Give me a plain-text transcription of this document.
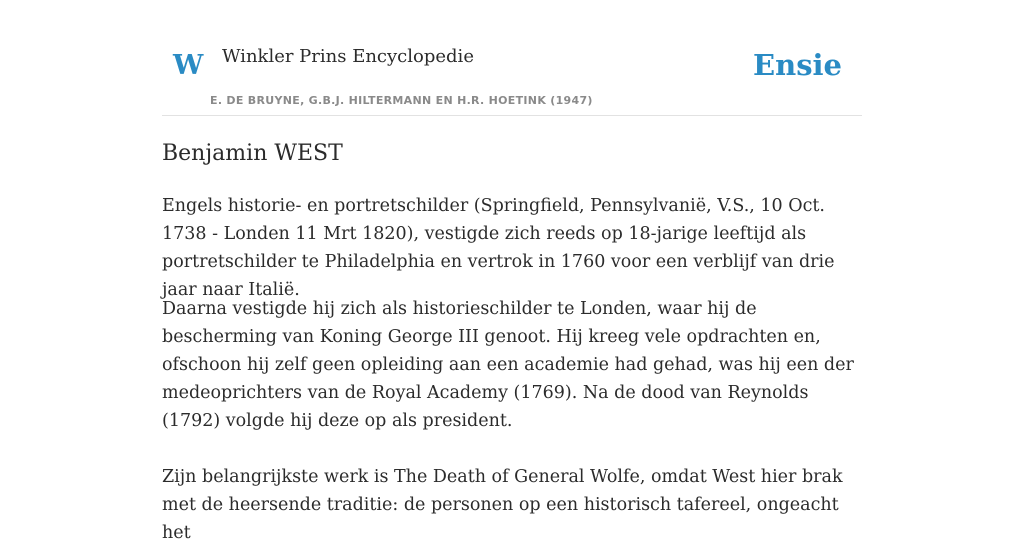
W Winkler Prins Encyclopedie
E. DE BRUYNE, G.B.J. HILTERMANN EN H.R. HOETINK (1947)
Ensie
Benjamin WEST

Engels historie- en portretschilder (Springfield, Pennsylvanië, V.S., 10 Oct. 1738 - Londen 11 Mrt 1820), vestigde zich reeds op 18-jarige leeftijd als portretschilder te Philadelphia en vertrok in 1760 voor een verblijf van drie jaar naar Italië.

Daarna vestigde hij zich als historieschilder te Londen, waar hij de bescherming van Koning George III genoot. Hij kreeg vele opdrachten en, ofschoon hij zelf geen opleiding aan een academie had gehad, was hij een der medeoprichters van de Royal Academy (1769). Na de dood van Reynolds (1792) volgde hij deze op als president.

Zijn belangrijkste werk is The Death of General Wolfe, omdat West hier brak met de heersende traditie: de personen op een historisch tafereel, ongeacht het
